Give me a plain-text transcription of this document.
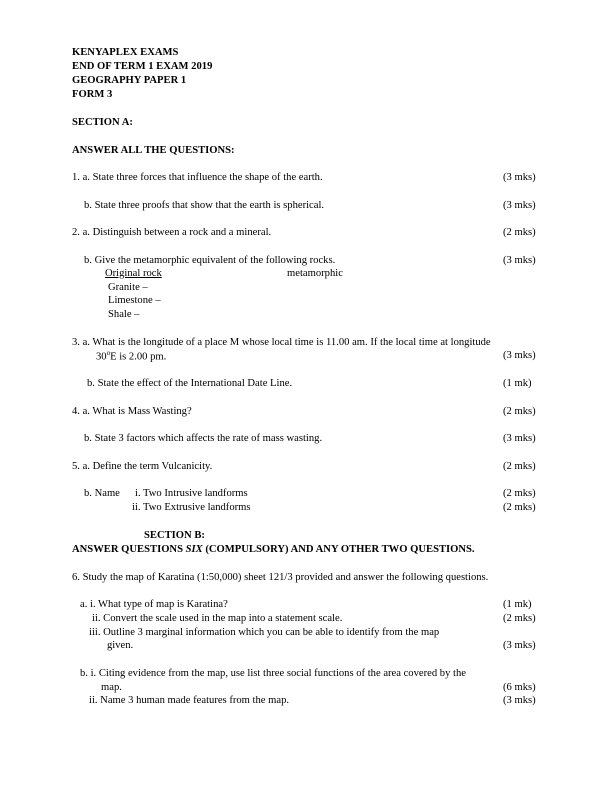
KENYAPLEX EXAMS
END OF TERM 1 EXAM 2019
GEOGRAPHY PAPER 1
FORM 3
SECTION A:
ANSWER ALL THE QUESTIONS:
1. a. State three forces that influence the shape of the earth.	(3 mks)
b. State three proofs that show that the earth is spherical.	(3 mks)
2. a. Distinguish between a rock and a mineral.	(2 mks)
b. Give the metamorphic equivalent of the following rocks.	(3 mks)
Original rock	metamorphic
Granite –
Limestone –
Shale –
3. a. What is the longitude of a place M whose local time is 11.00 am. If the local time at longitude
30$^o$E is 2.00 pm.	(3 mks)
b. State the effect of the International Date Line.	(1 mk)
4. a. What is Mass Wasting?	(2 mks)
b. State 3 factors which affects the rate of mass wasting.	(3 mks)
5. a. Define the term Vulcanicity.	(2 mks)
b. Name i. Two Intrusive landforms	(2 mks)
ii. Two Extrusive landforms	(2 mks)
SECTION B:
ANSWER QUESTIONS SIX (COMPULSORY) AND ANY OTHER TWO QUESTIONS.
6. Study the map of Karatina (1:50,000) sheet 121/3 provided and answer the following questions.
a. i. What type of map is Karatina?	(1 mk)
ii. Convert the scale used in the map into a statement scale.	(2 mks)
iii. Outline 3 marginal information which you can be able to identify from the map
given.	(3 mks)
b. i. Citing evidence from the map, use list three social functions of the area covered by the
map.	(6 mks)
ii. Name 3 human made features from the map.	(3 mks)
